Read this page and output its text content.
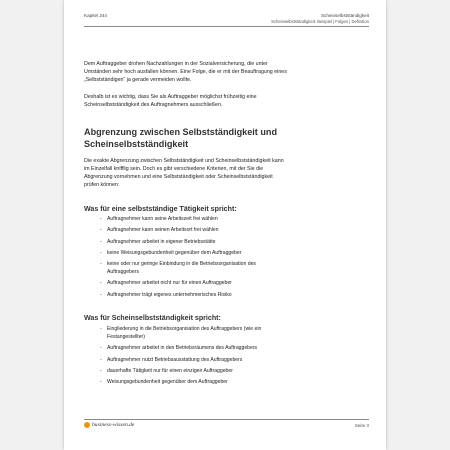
Kapitel 244	Scheinselbstständigkeit
Scheinselbstständigkeit: Beispiel | Folgen | Definition

Dem Auftraggeber drohen Nachzahlungen in der Sozialversicherung, die unter
Umständen sehr hoch ausfallen können. Eine Folge, die er mit der Beauftragung eines
„Selbstständigen“ ja gerade vermeiden wollte.

Deshalb ist es wichtig, dass Sie als Auftraggeber möglichst frühzeitig eine
Scheinselbstständigkeit des Auftragnehmers ausschließen.

Abgrenzung zwischen Selbstständigkeit und
Scheinselbstständigkeit

Die exakte Abgrenzung zwischen Selbstständigkeit und Scheinselbstständigkeit kann
im Einzelfall knifflig sein. Doch es gibt verschiedene Kriterien, mit der Sie die
Abgrenzung vornehmen und eine Selbstständigkeit oder Scheinselbstständigkeit
prüfen können:

Was für eine selbstständige Tätigkeit spricht:
- Auftragnehmer kann seine Arbeitszeit frei wählen
- Auftragnehmer kann seinen Arbeitsort frei wählen
- Auftragnehmer arbeitet in eigener Betriebsstätte
- keine Weisungsgebundenheit gegenüber dem Auftraggeber
- keine oder nur geringe Einbindung in die Betriebsorganisation des
Auftraggebers
- Auftragnehmer arbeitet nicht nur für einen Auftraggeber
- Auftragnehmer trägt eigenes unternehmerisches Risiko
Was für Scheinselbstständigkeit spricht:
- Eingliederung in die Betriebsorganisation des Auftraggebers (wie ein
Festangestellter)
- Auftragnehmer arbeitet in den Betriebsräumens des Auftraggebers
- Auftragnehmer nutzt Betriebsausstattung des Auftraggebers
- dauerhafte Tätigkeit nur für einen einzigen Auftraggeber
- Weisungsgebundenheit gegenüber dem Auftraggeber
business-wissen.de	Seite 3
